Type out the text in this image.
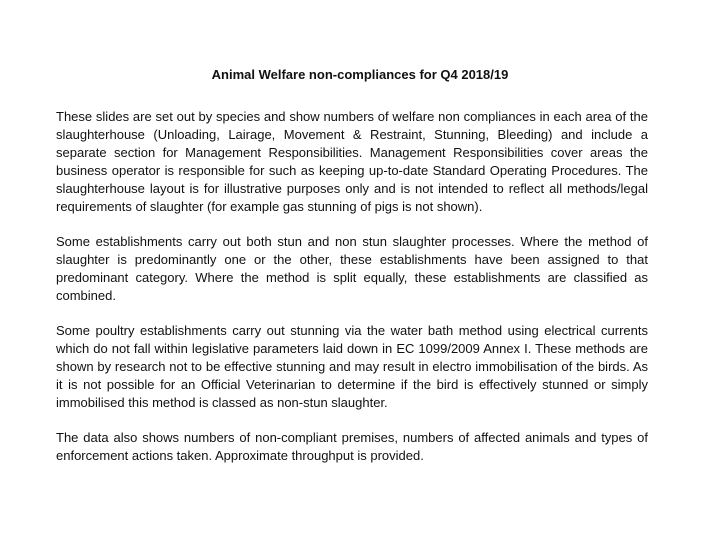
Animal Welfare non-compliances for Q4 2018/19

These slides are set out by species and show numbers of welfare non compliances in each area of the slaughterhouse (Unloading, Lairage, Movement & Restraint, Stunning, Bleeding) and include a separate section for Management Responsibilities. Management Responsibilities cover areas the business operator is responsible for such as keeping up-to-date Standard Operating Procedures. The slaughterhouse layout is for illustrative purposes only and is not intended to reflect all methods/legal requirements of slaughter (for example gas stunning of pigs is not shown).

Some establishments carry out both stun and non stun slaughter processes. Where the method of slaughter is predominantly one or the other, these establishments have been assigned to that predominant category. Where the method is split equally, these establishments are classified as combined.

Some poultry establishments carry out stunning via the water bath method using electrical currents which do not fall within legislative parameters laid down in EC 1099/2009 Annex I. These methods are shown by research not to be effective stunning and may result in electro immobilisation of the birds. As it is not possible for an Official Veterinarian to determine if the bird is effectively stunned or simply immobilised this method is classed as non-stun slaughter.

The data also shows numbers of non-compliant premises, numbers of affected animals and types of enforcement actions taken. Approximate throughput is provided.
